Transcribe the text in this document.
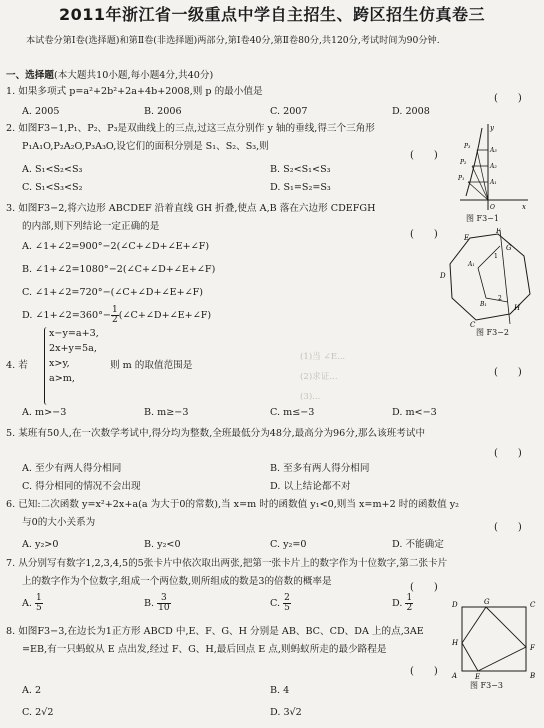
2011年浙江省一级重点中学自主招生、跨区招生仿真卷三
本试卷分第Ⅰ卷(选择题)和第Ⅱ卷(非选择题)两部分,第Ⅰ卷40分,第Ⅱ卷80分,共120分,考试时间为90分钟.
一、选择题(本大题共10小题,每小题4分,共40分)
1. 如果多项式 p=a²+2b²+2a+4b+2008,则 p 的最小值是
(　　)
A. 2005	B. 2006	C. 2007	D. 2008
2. 如图F3−1,P₁、P₂、P₃是双曲线上的三点,过这三点分别作 y 轴的垂线,得三个三角形
P₁A₁O,P₂A₂O,P₃A₃O,设它们的面积分别是 S₁、S₂、S₃,则
(　　)
A. S₁<S₂<S₃	B. S₂<S₁<S₃
C. S₁<S₃<S₂	D. S₁=S₂=S₃
y
P₃
P₂
P₁
A₃
A₂
A₁
O	x
图 F3−1
3. 如图F3−2,将六边形 ABCDEF 沿着直线 GH 折叠,使点 A,B 落在六边形 CDEFGH
的内部,则下列结论一定正确的是
(　　)
A. ∠1+∠2=900°−2(∠C+∠D+∠E+∠F)
B. ∠1+∠2=1080°−2(∠C+∠D+∠E+∠F)
C. ∠1+∠2=720°−(∠C+∠D+∠E+∠F)
D. ∠1+∠2=360°− $\frac{1}{2}$ (∠C+∠D+∠E+∠F)
E
F
G
D
C
H
A₁
B₁
1
2
图 F3−2
(1)当 ∠E...
(2)求证...
(3)...
4. 若
x−y=a+3,
2x+y=5a,
x>y,
a>m,
则 m 的取值范围是
(　　)
A. m>−3	B. m≥−3	C. m≤−3	D. m<−3
5. 某班有50人,在一次数学考试中,得分均为整数,全班最低分为48分,最高分为96分,那么该班考试中
(　　)
A. 至少有两人得分相同	B. 至多有两人得分相同
C. 得分相同的情况不会出现	D. 以上结论都不对
6. 已知:二次函数 y=x²+2x+a(a 为大于0的常数),当 x=m 时的函数值 y₁<0,则当 x=m+2 时的函数值 y₂
与0的大小关系为	(　　)
A. y₂>0	B. y₂<0	C. y₂=0	D. 不能确定
7. 从分别写有数字1,2,3,4,5的5张卡片中依次取出两张,把第一张卡片上的数字作为十位数字,第二张卡片
上的数字作为个位数字,组成一个两位数,则所组成的数是3的倍数的概率是
(　　)
A. $\frac{1}{5}$	B. $\frac{3}{10}$	C. $\frac{2}{5}$	D. $\frac{1}{2}$	D	G	C
H
F
A	E	B
图 F3−3
8. 如图F3−3,在边长为1正方形 ABCD 中,E、F、G、H 分别是 AB、BC、CD、DA 上的点,3AE
=EB,有一只蚂蚁从 E 点出发,经过 F、G、H,最后回点 E 点,则蚂蚁所走的最少路程是
(　　)
A. 2	B. 4
C. 2√2	D. 3√2
